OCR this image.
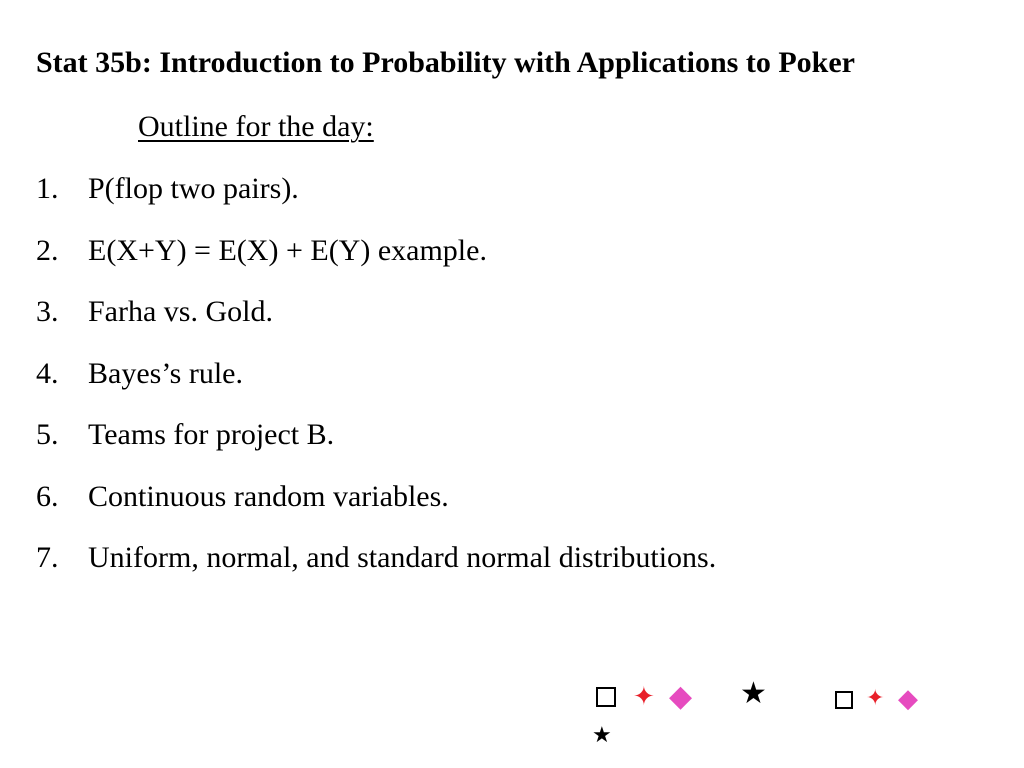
Stat 35b: Introduction to Probability with Applications to Poker
Outline for the day:
1. P(flop two pairs).
2. E(X+Y) = E(X) + E(Y) example.
3. Farha vs. Gold.
4. Bayes’s rule.
5. Teams for project B.
6. Continuous random variables.
7. Uniform, normal, and standard normal distributions.
✦ ◆ ★	✦ ◆
★
